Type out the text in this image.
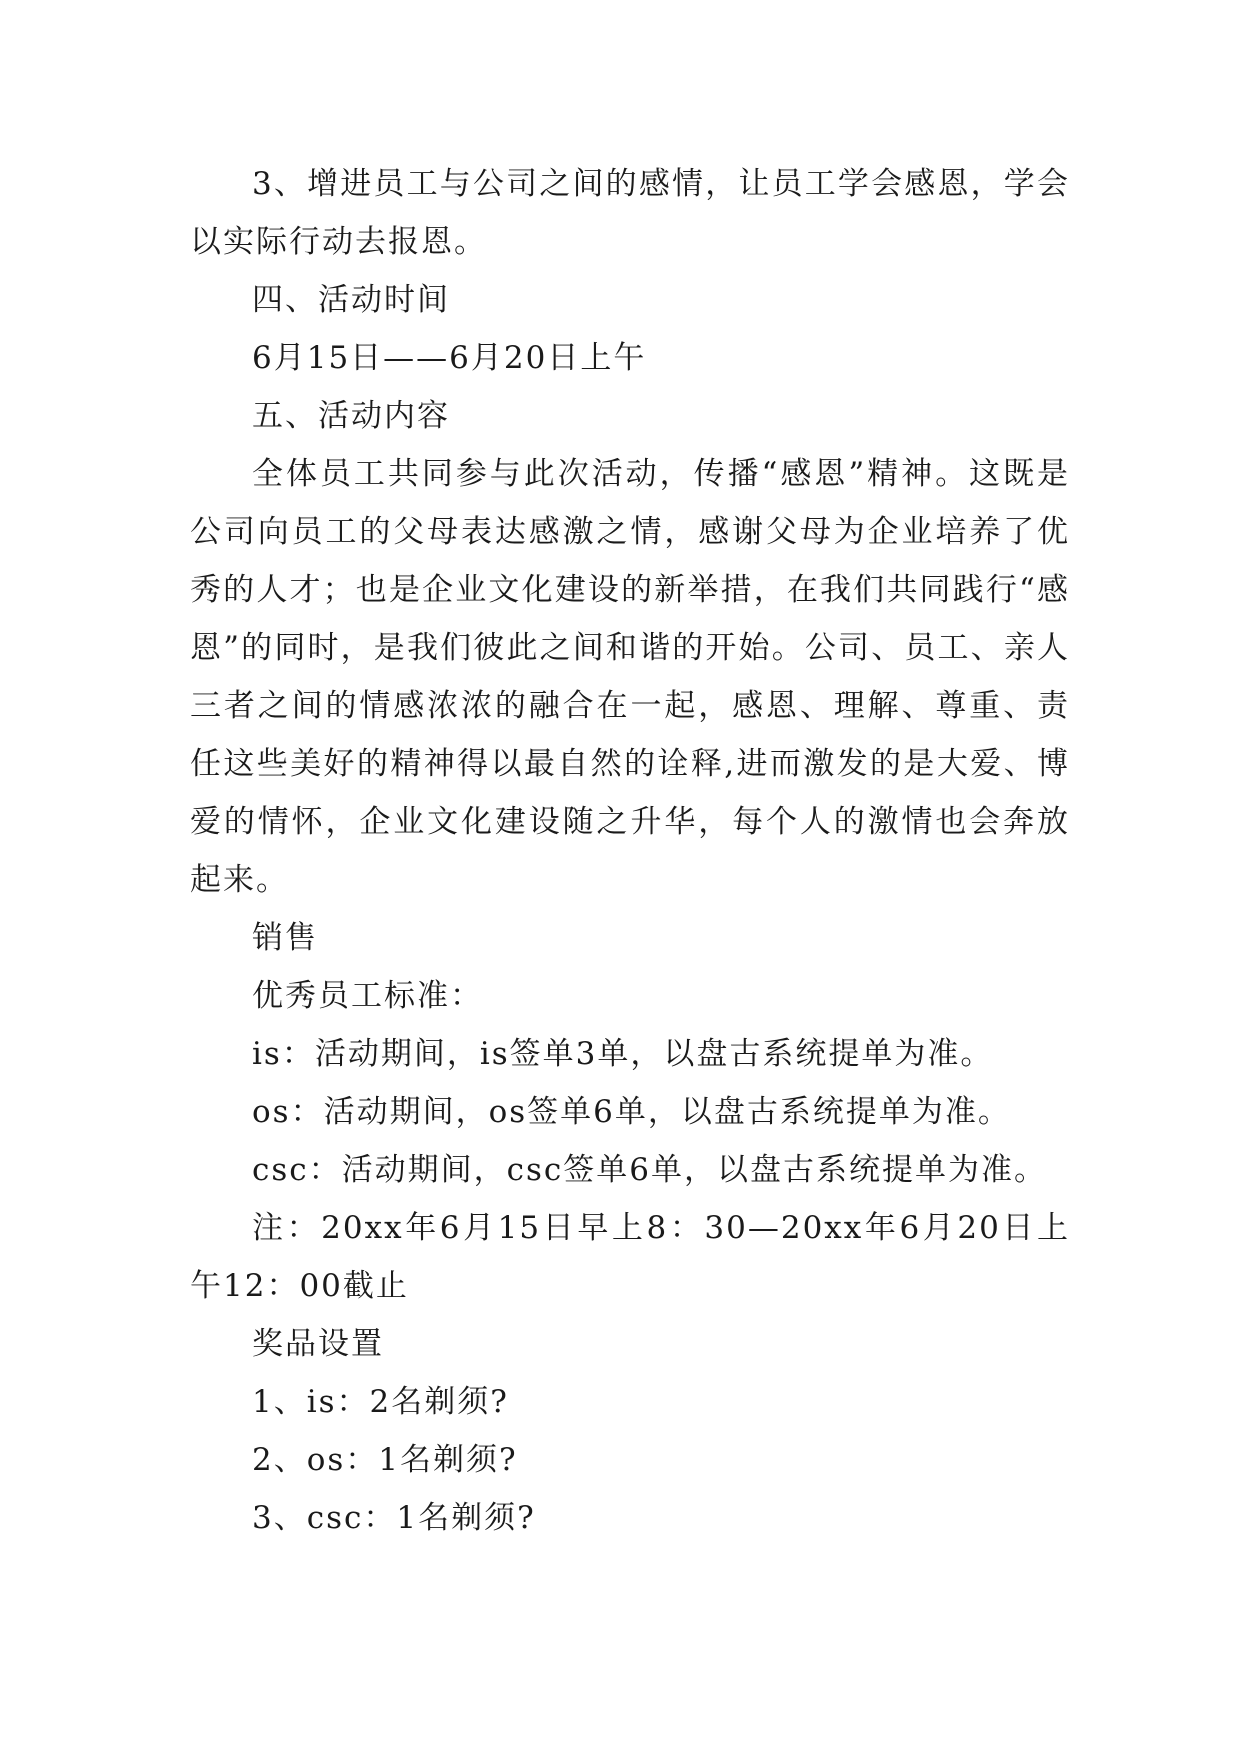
3、增进员工与公司之间的感情，让员工学会感恩，学会以实际行动去报恩。

四、活动时间

6月15日——6月20日上午

五、活动内容

全体员工共同参与此次活动，传播“感恩”精神。这既是公司向员工的父母表达感激之情，感谢父母为企业培养了优秀的人才；也是企业文化建设的新举措，在我们共同践行“感恩”的同时，是我们彼此之间和谐的开始。公司、员工、亲人三者之间的情感浓浓的融合在一起，感恩、理解、尊重、责任这些美好的精神得以最自然的诠释,进而激发的是大爱、博爱的情怀，企业文化建设随之升华，每个人的激情也会奔放起来。

销售

优秀员工标准：

is：活动期间，is签单3单，以盘古系统提单为准。

os：活动期间，os签单6单，以盘古系统提单为准。

csc：活动期间，csc签单6单，以盘古系统提单为准。

注：20xx年6月15日早上8：30—20xx年6月20日上午12：00截止

奖品设置

1、is：2名剃须?

2、os：1名剃须?

3、csc：1名剃须?
